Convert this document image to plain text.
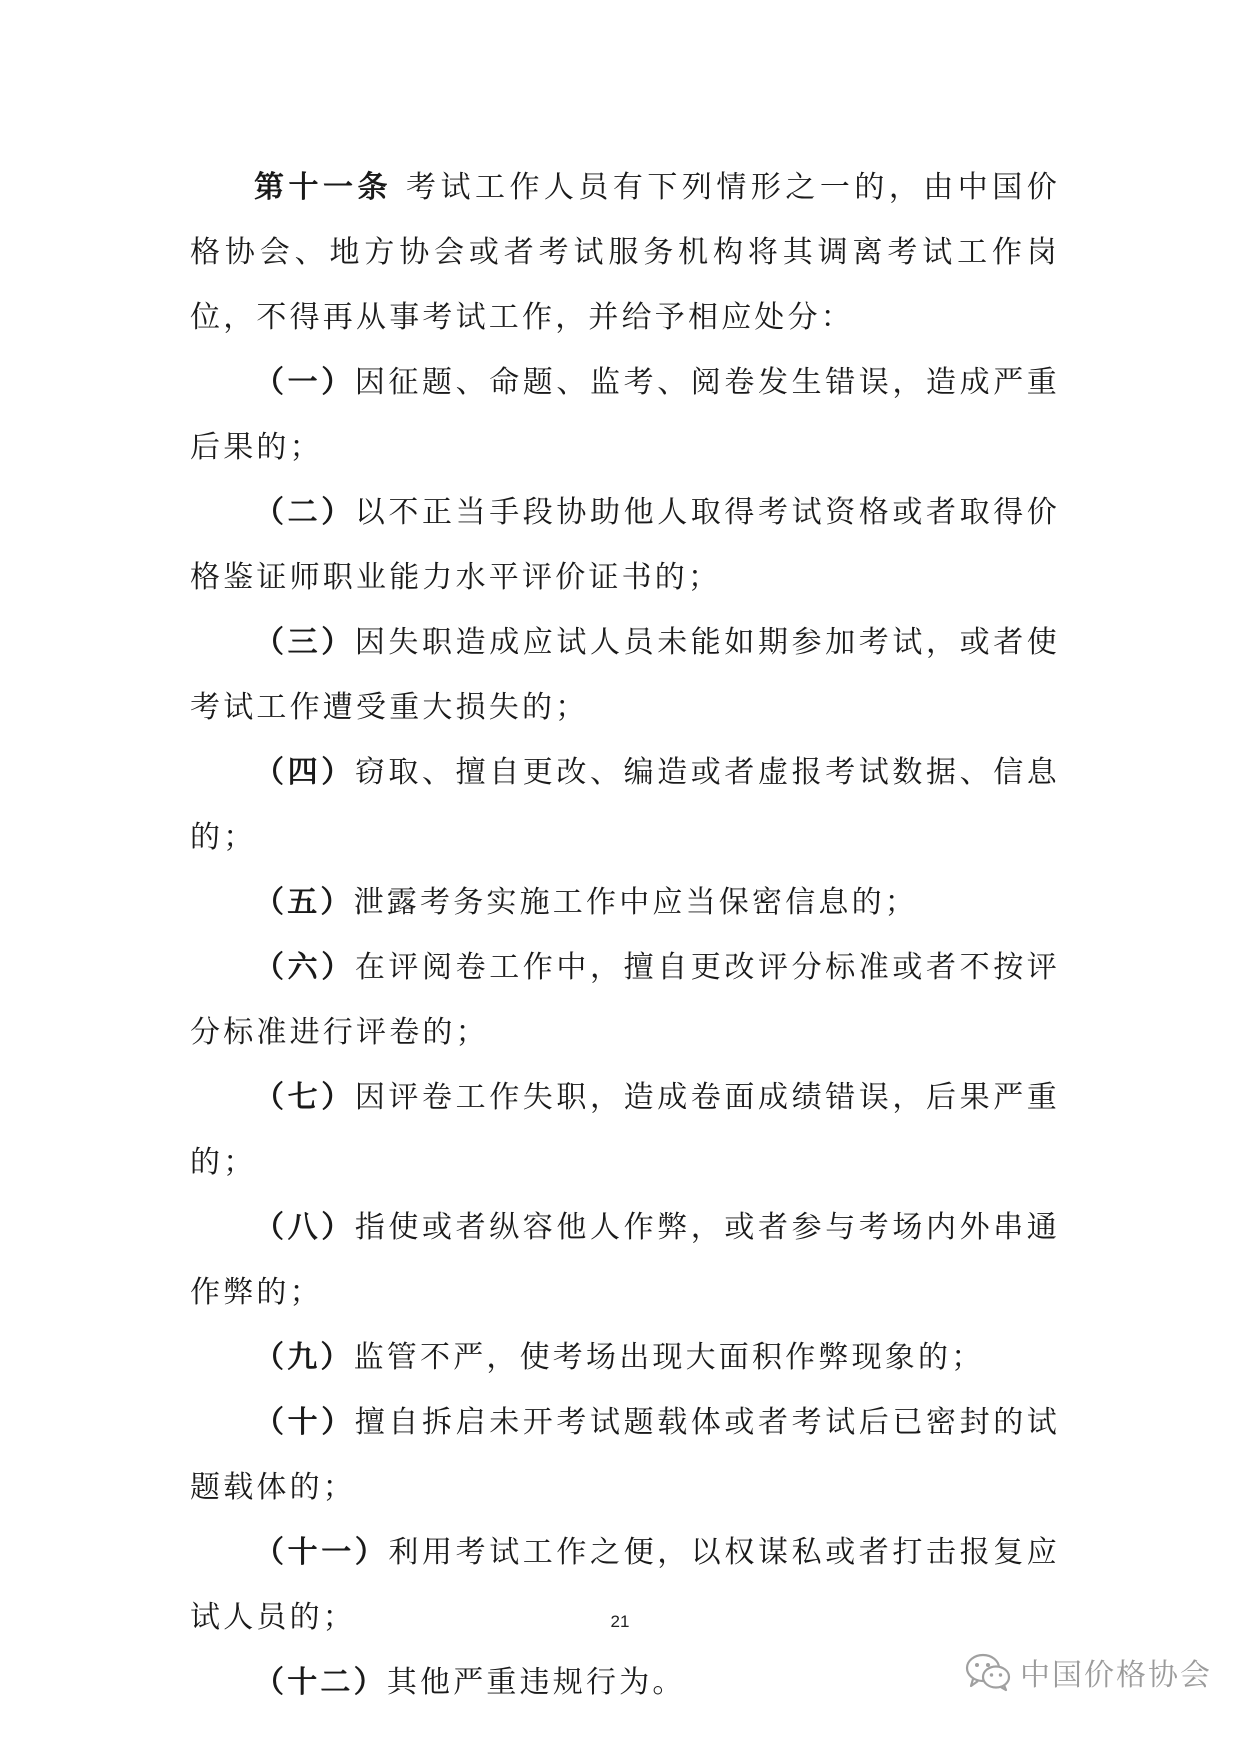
第十一条 考试工作人员有下列情形之一的，由中国价格协会、地方协会或者考试服务机构将其调离考试工作岗位，不得再从事考试工作，并给予相应处分：

（一）因征题、命题、监考、阅卷发生错误，造成严重后果的；

（二）以不正当手段协助他人取得考试资格或者取得价格鉴证师职业能力水平评价证书的；

（三）因失职造成应试人员未能如期参加考试，或者使考试工作遭受重大损失的；

（四）窃取、擅自更改、编造或者虚报考试数据、信息的；

（五）泄露考务实施工作中应当保密信息的；

（六）在评阅卷工作中，擅自更改评分标准或者不按评分标准进行评卷的；

（七）因评卷工作失职，造成卷面成绩错误，后果严重的；

（八）指使或者纵容他人作弊，或者参与考场内外串通作弊的；

（九）监管不严，使考场出现大面积作弊现象的；

（十）擅自拆启未开考试题载体或者考试后已密封的试题载体的；

（十一）利用考试工作之便，以权谋私或者打击报复应试人员的；

（十二）其他严重违规行为。

21
中国价格协会
